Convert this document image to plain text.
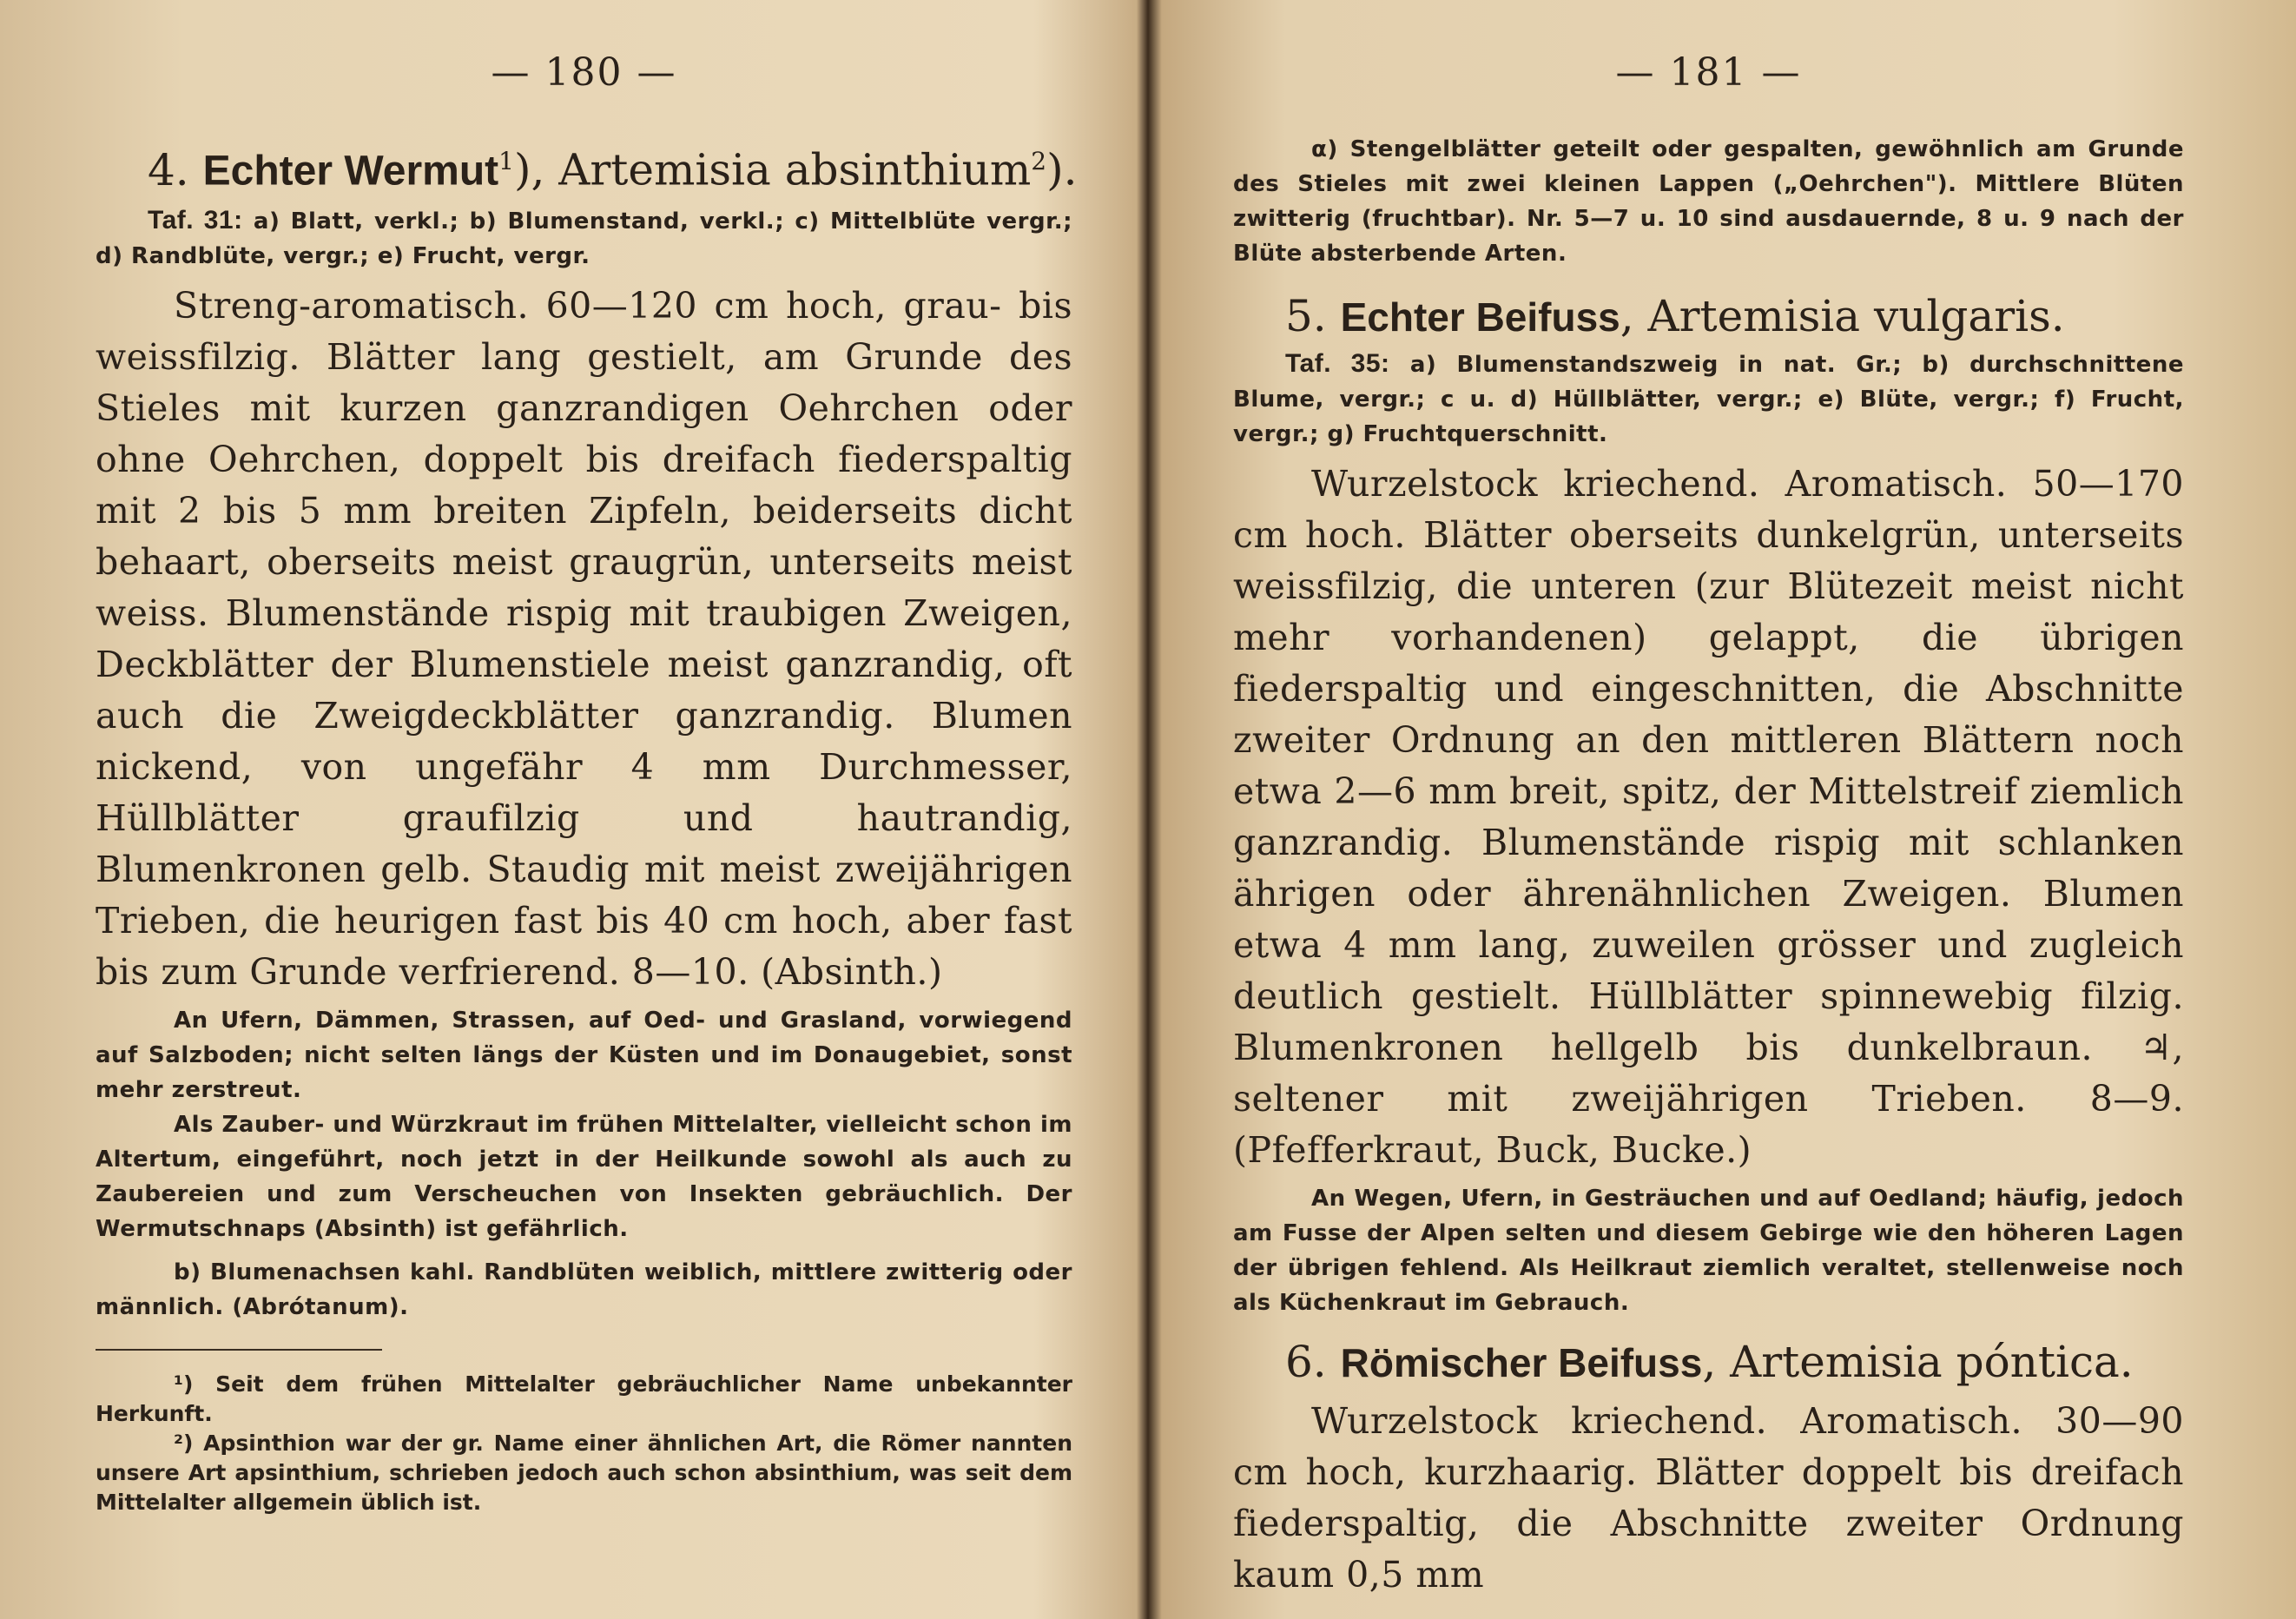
— 180 —
4. Echter Wermut$^1$), Artemisia absinthium$^2$).
Taf. 31: a) Blatt, verkl.; b) Blumenstand, verkl.; c) Mittelblüte vergr.; d) Randblüte, vergr.; e) Frucht, vergr.
Streng-aromatisch. 60—120 cm hoch, grau- bis weissfilzig. Blätter lang gestielt, am Grunde des Stieles mit kurzen ganzrandigen Oehrchen oder ohne Oehrchen, doppelt bis dreifach fiederspaltig mit 2 bis 5 mm breiten Zipfeln, beiderseits dicht behaart, oberseits meist graugrün, unterseits meist weiss. Blumenstände rispig mit traubigen Zweigen, Deckblätter der Blumenstiele meist ganzrandig, oft auch die Zweigdeckblätter ganzrandig. Blumen nickend, von ungefähr 4 mm Durchmesser, Hüllblätter graufilzig und hautrandig, Blumenkronen gelb. Staudig mit meist zweijährigen Trieben, die heurigen fast bis 40 cm hoch, aber fast bis zum Grunde verfrierend. 8—10. (Absinth.)
An Ufern, Dämmen, Strassen, auf Oed- und Grasland, vorwiegend auf Salzboden; nicht selten längs der Küsten und im Donaugebiet, sonst mehr zerstreut.
Als Zauber- und Würzkraut im frühen Mittelalter, vielleicht schon im Altertum, eingeführt, noch jetzt in der Heilkunde sowohl als auch zu Zaubereien und zum Verscheuchen von Insekten gebräuchlich. Der Wermutschnaps (Absinth) ist gefährlich.
b) Blumenachsen kahl. Randblüten weiblich, mittlere zwitterig oder männlich. (Abrótanum).
¹) Seit dem frühen Mittelalter gebräuchlicher Name unbekannter Herkunft.
²) Apsinthion war der gr. Name einer ähnlichen Art, die Römer nannten unsere Art apsinthium, schrieben jedoch auch schon absinthium, was seit dem Mittelalter allgemein üblich ist.
— 181 —
α) Stengelblätter geteilt oder gespalten, gewöhnlich am Grunde des Stieles mit zwei kleinen Lappen („Oehrchen"). Mittlere Blüten zwitterig (fruchtbar). Nr. 5—7 u. 10 sind ausdauernde, 8 u. 9 nach der Blüte absterbende Arten.
5. Echter Beifuss, Artemisia vulgaris.
Taf. 35: a) Blumenstandszweig in nat. Gr.; b) durchschnittene Blume, vergr.; c u. d) Hüllblätter, vergr.; e) Blüte, vergr.; f) Frucht, vergr.; g) Fruchtquerschnitt.
Wurzelstock kriechend. Aromatisch. 50—170 cm hoch. Blätter oberseits dunkelgrün, unterseits weissfilzig, die unteren (zur Blütezeit meist nicht mehr vorhandenen) gelappt, die übrigen fiederspaltig und eingeschnitten, die Abschnitte zweiter Ordnung an den mittleren Blättern noch etwa 2—6 mm breit, spitz, der Mittelstreif ziemlich ganzrandig. Blumenstände rispig mit schlanken ährigen oder ährenähnlichen Zweigen. Blumen etwa 4 mm lang, zuweilen grösser und zugleich deutlich gestielt. Hüllblätter spinnewebig filzig. Blumenkronen hellgelb bis dunkelbraun. ♃, seltener mit zweijährigen Trieben. 8—9. (Pfefferkraut, Buck, Bucke.)
An Wegen, Ufern, in Gesträuchen und auf Oedland; häufig, jedoch am Fusse der Alpen selten und diesem Gebirge wie den höheren Lagen der übrigen fehlend. Als Heilkraut ziemlich veraltet, stellenweise noch als Küchenkraut im Gebrauch.
6. Römischer Beifuss, Artemisia póntica.
Wurzelstock kriechend. Aromatisch. 30—90 cm hoch, kurzhaarig. Blätter doppelt bis dreifach fiederspaltig, die Abschnitte zweiter Ordnung kaum 0,5 mm
